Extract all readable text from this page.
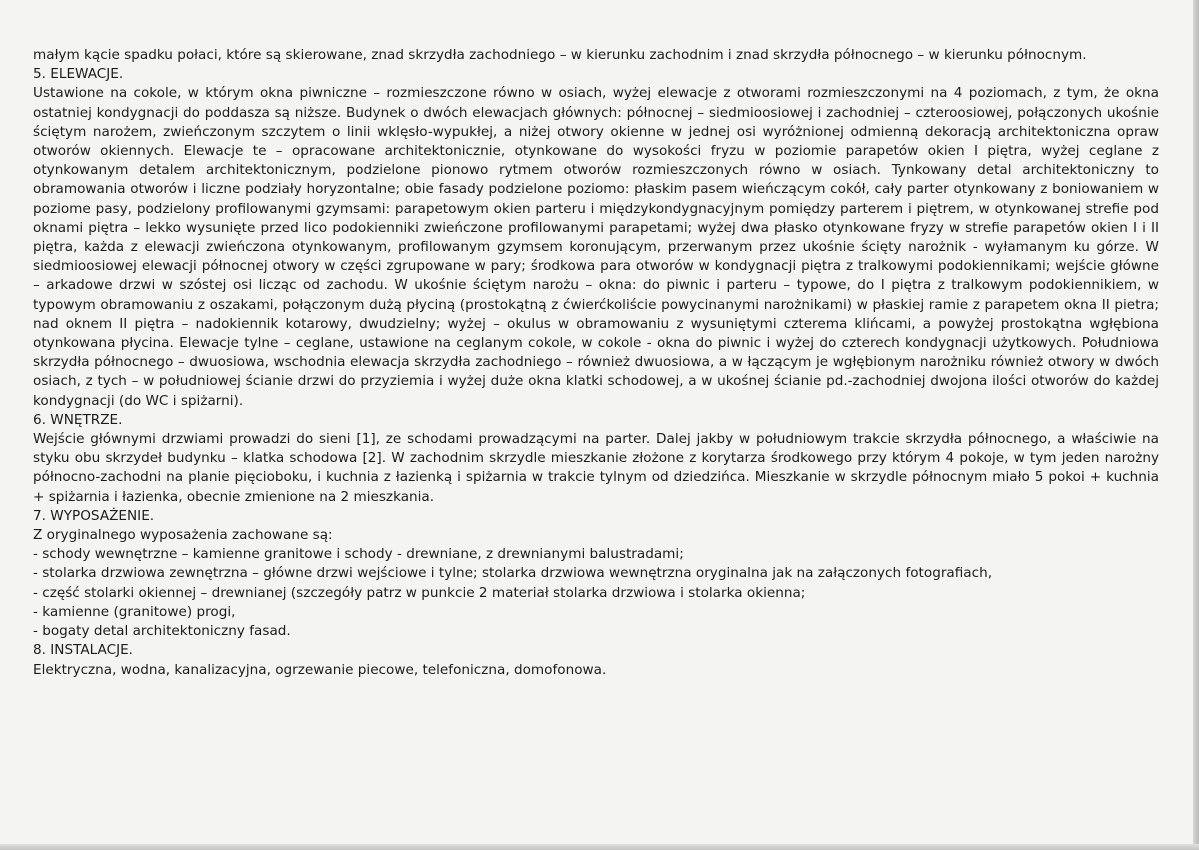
małym kącie spadku połaci, które są skierowane, znad skrzydła zachodniego – w kierunku zachodnim i znad skrzydła północnego – w kierunku północnym.

5. ELEWACJE.

Ustawione na cokole, w którym okna piwniczne – rozmieszczone równo w osiach, wyżej elewacje z otworami rozmieszczonymi na 4 poziomach, z tym, że okna ostatniej kondygnacji do poddasza są niższe. Budynek o dwóch elewacjach głównych: północnej – siedmioosiowej i zachodniej – czteroosiowej, połączonych ukośnie ściętym narożem, zwieńczonym szczytem o linii wklęsło-wypukłej, a niżej otwory okienne w jednej osi wyróżnionej odmienną dekoracją architektoniczna opraw otworów okiennych. Elewacje te – opracowane architektonicznie, otynkowane do wysokości fryzu w poziomie parapetów okien I piętra, wyżej ceglane z otynkowanym detalem architektonicznym, podzielone pionowo rytmem otworów rozmieszczonych równo w osiach. Tynkowany detal architektoniczny to obramowania otworów i liczne podziały horyzontalne; obie fasady podzielone poziomo: płaskim pasem wieńczącym cokół, cały parter otynkowany z boniowaniem w poziome pasy, podzielony profilowanymi gzymsami: parapetowym okien parteru i międzykondygnacyjnym pomiędzy parterem i piętrem, w otynkowanej strefie pod oknami piętra – lekko wysunięte przed lico podokienniki zwieńczone profilowanymi parapetami; wyżej dwa płasko otynkowane fryzy w strefie parapetów okien I i II piętra, każda z elewacji zwieńczona otynkowanym, profilowanym gzymsem koronującym, przerwanym przez ukośnie ścięty narożnik - wyłamanym ku górze. W siedmioosiowej elewacji północnej otwory w części zgrupowane w pary; środkowa para otworów w kondygnacji piętra z tralkowymi podokiennikami; wejście główne – arkadowe drzwi w szóstej osi licząc od zachodu. W ukośnie ściętym narożu – okna: do piwnic i parteru – typowe, do I piętra z tralkowym podokiennikiem, w typowym obramowaniu z oszakami, połączonym dużą płyciną (prostokątną z ćwierćkoliście powycinanymi narożnikami) w płaskiej ramie z parapetem okna II pietra; nad oknem II piętra – nadokiennik kotarowy, dwudzielny; wyżej – okulus w obramowaniu z wysuniętymi czterema klińcami, a powyżej prostokątna wgłębiona otynkowana płycina. Elewacje tylne – ceglane, ustawione na ceglanym cokole, w cokole - okna do piwnic i wyżej do czterech kondygnacji użytkowych. Południowa skrzydła północnego – dwuosiowa, wschodnia elewacja skrzydła zachodniego – również dwuosiowa, a w łączącym je wgłębionym narożniku również otwory w dwóch osiach, z tych – w południowej ścianie drzwi do przyziemia i wyżej duże okna klatki schodowej, a w ukośnej ścianie pd.-zachodniej dwojona ilości otworów do każdej kondygnacji (do WC i spiżarni).

6. WNĘTRZE.

Wejście głównymi drzwiami prowadzi do sieni [1], ze schodami prowadzącymi na parter. Dalej jakby w południowym trakcie skrzydła północnego, a właściwie na styku obu skrzydeł budynku – klatka schodowa [2]. W zachodnim skrzydle mieszkanie złożone z korytarza środkowego przy którym 4 pokoje, w tym jeden narożny północno-zachodni na planie pięcioboku, i kuchnia z łazienką i spiżarnia w trakcie tylnym od dziedzińca. Mieszkanie w skrzydle północnym miało 5 pokoi + kuchnia + spiżarnia i łazienka, obecnie zmienione na 2 mieszkania.

7. WYPOSAŻENIE.

Z oryginalnego wyposażenia zachowane są:

- schody wewnętrzne – kamienne granitowe i schody - drewniane, z drewnianymi balustradami;
- stolarka drzwiowa zewnętrzna – główne drzwi wejściowe i tylne; stolarka drzwiowa wewnętrzna oryginalna jak na załączonych fotografiach,
- część stolarki okiennej – drewnianej (szczegóły patrz w punkcie 2 materiał stolarka drzwiowa i stolarka okienna;
- kamienne (granitowe) progi,
- bogaty detal architektoniczny fasad.
8. INSTALACJE.

Elektryczna, wodna, kanalizacyjna, ogrzewanie piecowe, telefoniczna, domofonowa.
